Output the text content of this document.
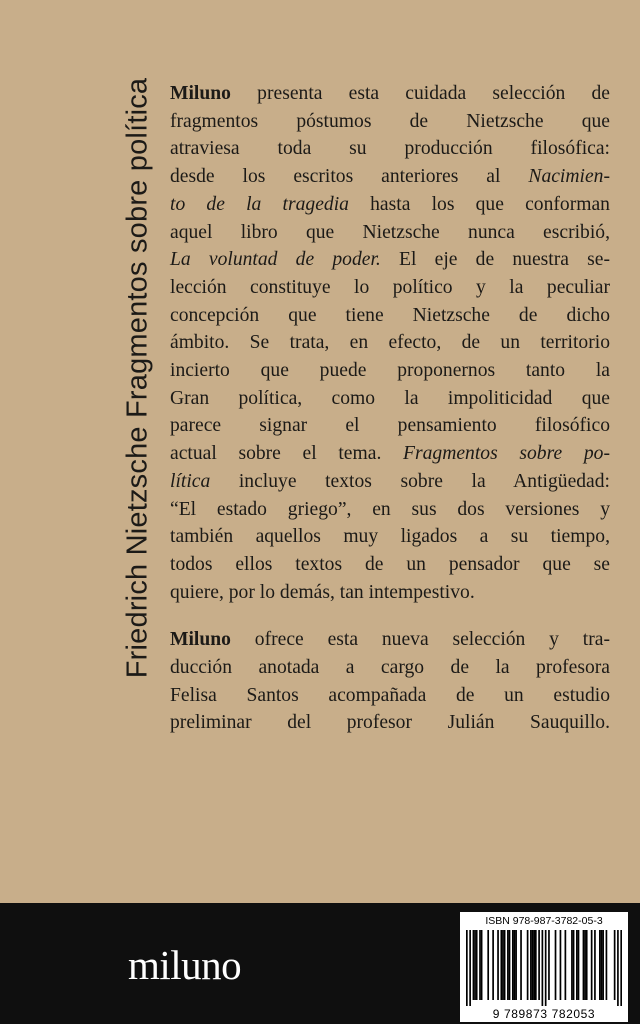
Friedrich Nietzsche Fragmentos sobre política Miluno presenta esta cuidada selección de
fragmentos póstumos de Nietzsche que
atraviesa toda su producción filosófica:
desde los escritos anteriores al Nacimien-
to de la tragedia hasta los que conforman
aquel libro que Nietzsche nunca escribió,
La voluntad de poder. El eje de nuestra se-
lección constituye lo político y la peculiar
concepción que tiene Nietzsche de dicho
ámbito. Se trata, en efecto, de un territorio
incierto que puede proponernos tanto la
Gran política, como la impoliticidad que
parece signar el pensamiento filosófico
actual sobre el tema. Fragmentos sobre po-
lítica incluye textos sobre la Antigüedad:
“El estado griego”, en sus dos versiones y
también aquellos muy ligados a su tiempo,
todos ellos textos de un pensador que se
quiere, por lo demás, tan intempestivo.

Miluno ofrece esta nueva selección y tra-
ducción anotada a cargo de la profesora
Felisa Santos acompañada de un estudio
preliminar del profesor Julián Sauquillo.

miluno
ISBN 978-987-3782-05-3
9 789873 782053
